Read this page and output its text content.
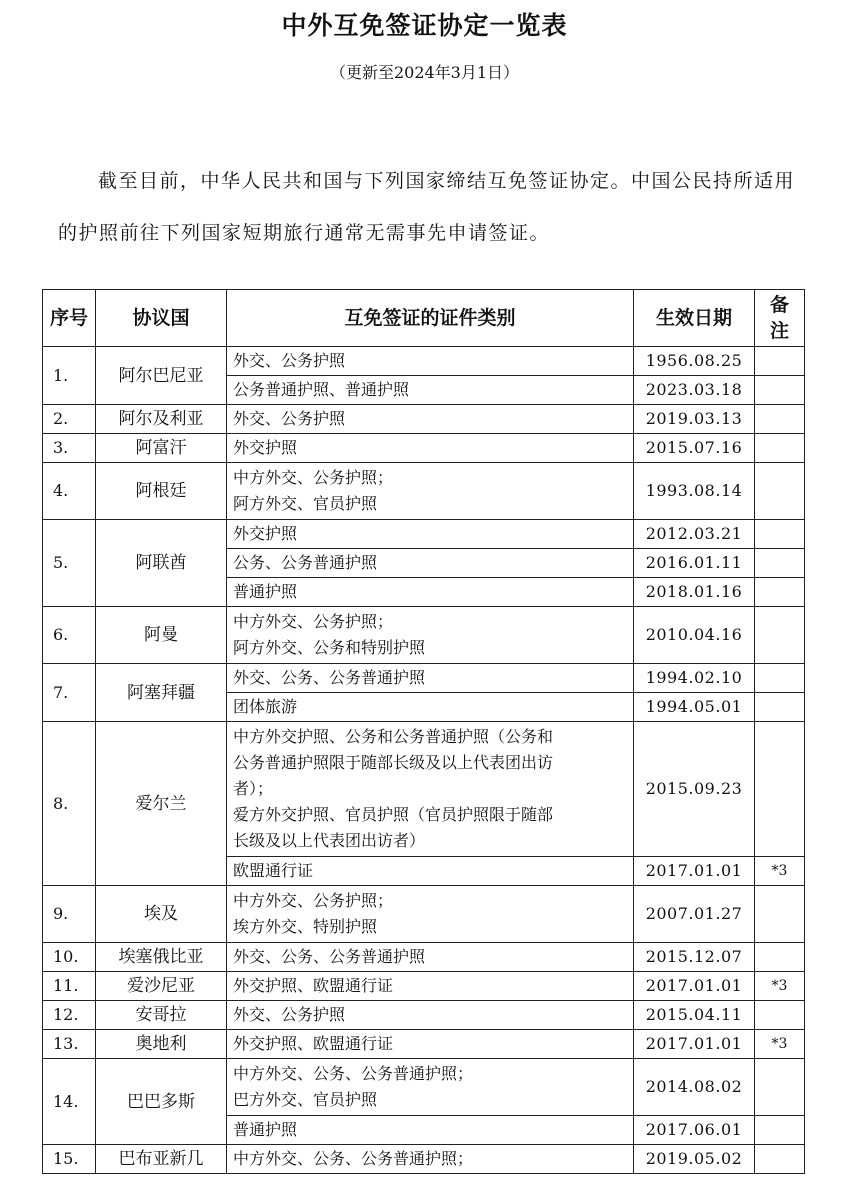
中外互免签证协定一览表
（更新至2024年3月1日）

截至目前，中华人民共和国与下列国家缔结互免签证协定。中国公民持所适用的护照前往下列国家短期旅行通常无需事先申请签证。

序号	协议国	互免签证的证件类别	生效日期	备注
1.	阿尔巴尼亚	外交、公务护照	1956.08.25	

		公务普通护照、普通护照	2023.03.18	
2.	阿尔及利亚	外交、公务护照	2019.03.13	
3.	阿富汗	外交护照	2015.07.16	
4.	阿根廷	中方外交、公务护照；
阿方外交、官员护照	1993.08.14	
5.	阿联酋	外交护照	2012.03.21	

		公务、公务普通护照	2016.01.11	

		普通护照	2018.01.16	
6.	阿曼	中方外交、公务护照；
阿方外交、公务和特别护照	2010.04.16	
7.	阿塞拜疆	外交、公务、公务普通护照	1994.02.10	

		团体旅游	1994.05.01	
8.	爱尔兰	中方外交护照、公务和公务普通护照（公务和
公务普通护照限于随部长级及以上代表团出访
者）；
爱方外交护照、官员护照（官员护照限于随部
长级及以上代表团出访者）	2015.09.23	

		欧盟通行证	2017.01.01	*3
9.	埃及	中方外交、公务护照；
埃方外交、特别护照	2007.01.27	
10.	埃塞俄比亚	外交、公务、公务普通护照	2015.12.07	
11.	爱沙尼亚	外交护照、欧盟通行证	2017.01.01	*3
12.	安哥拉	外交、公务护照	2015.04.11	
13.	奥地利	外交护照、欧盟通行证	2017.01.01	*3
14.	巴巴多斯	中方外交、公务、公务普通护照；
巴方外交、官员护照	2014.08.02	

		普通护照	2017.06.01	
15.	巴布亚新几	中方外交、公务、公务普通护照；	2019.05.02	
